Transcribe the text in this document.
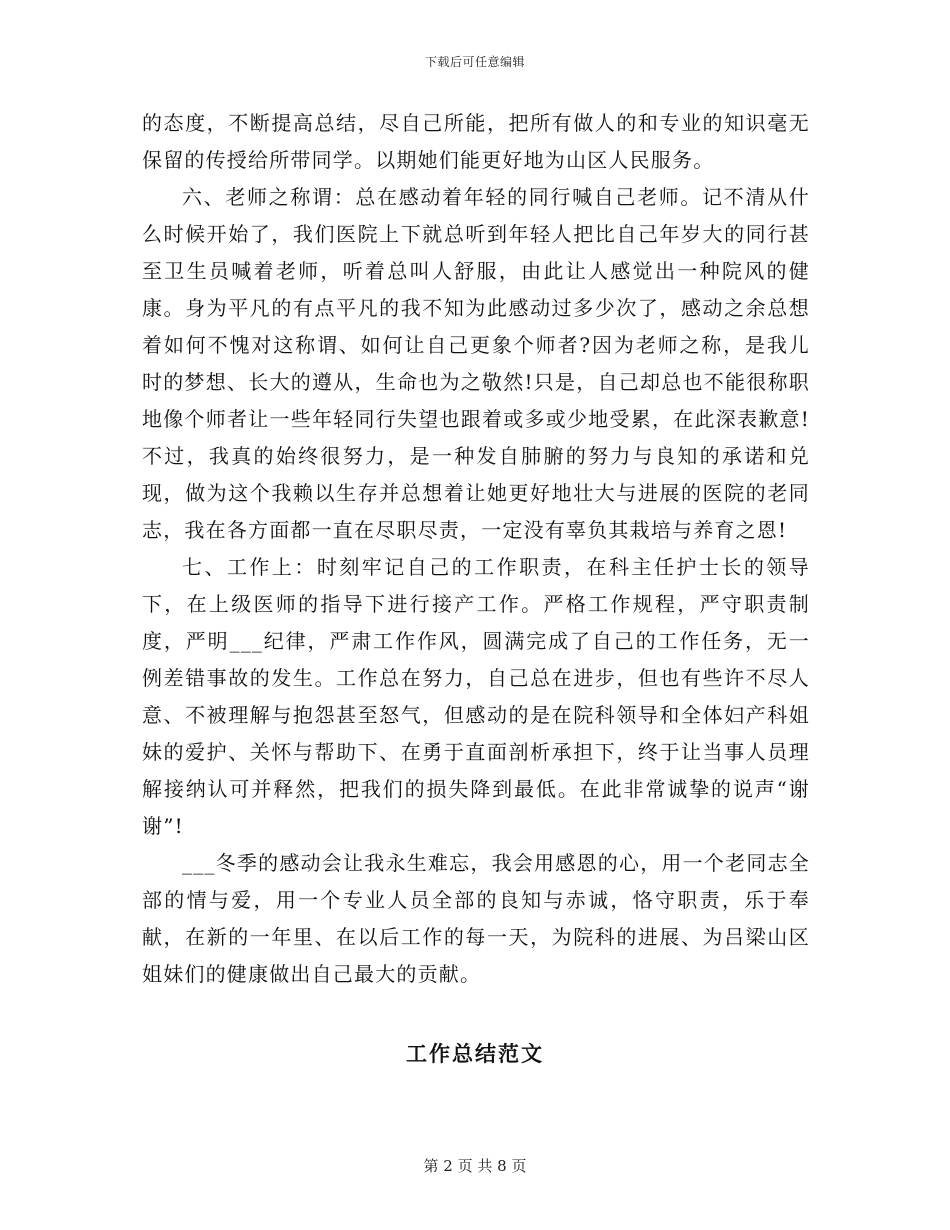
下载后可任意编辑

的态度，不断提高总结，尽自己所能，把所有做人的和专业的知识毫无保留的传授给所带同学。以期她们能更好地为山区人民服务。

六、老师之称谓：总在感动着年轻的同行喊自己老师。记不清从什么时候开始了，我们医院上下就总听到年轻人把比自己年岁大的同行甚至卫生员喊着老师，听着总叫人舒服，由此让人感觉出一种院风的健康。身为平凡的有点平凡的我不知为此感动过多少次了，感动之余总想着如何不愧对这称谓、如何让自己更象个师者?因为老师之称，是我儿时的梦想、长大的遵从，生命也为之敬然!只是，自己却总也不能很称职地像个师者让一些年轻同行失望也跟着或多或少地受累，在此深表歉意!不过，我真的始终很努力，是一种发自肺腑的努力与良知的承诺和兑现，做为这个我赖以生存并总想着让她更好地壮大与进展的医院的老同志，我在各方面都一直在尽职尽责，一定没有辜负其栽培与养育之恩!

七、工作上：时刻牢记自己的工作职责，在科主任护士长的领导下，在上级医师的指导下进行接产工作。严格工作规程，严守职责制度，严明___纪律，严肃工作作风，圆满完成了自己的工作任务，无一例差错事故的发生。工作总在努力，自己总在进步，但也有些许不尽人意、不被理解与抱怨甚至怒气，但感动的是在院科领导和全体妇产科姐妹的爱护、关怀与帮助下、在勇于直面剖析承担下，终于让当事人员理解接纳认可并释然，把我们的损失降到最低。在此非常诚挚的说声“谢谢”!

___冬季的感动会让我永生难忘，我会用感恩的心，用一个老同志全部的情与爱，用一个专业人员全部的良知与赤诚，恪守职责，乐于奉献，在新的一年里、在以后工作的每一天，为院科的进展、为吕梁山区姐妹们的健康做出自己最大的贡献。

工作总结范文
第 2 页 共 8 页
